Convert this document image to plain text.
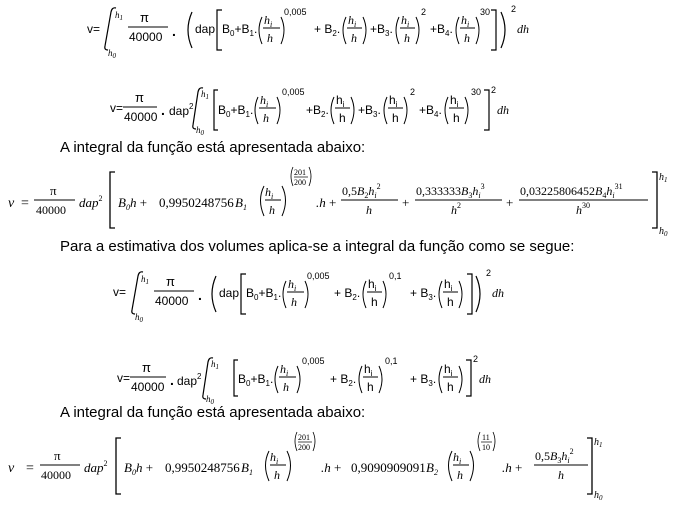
v=
$h_1$
$h_0$
π
40000 . dap $B_0+B_1$.
$h_i$
h
0,005
+ $B_2$.
$h_i$
h
$+B_3$.
$h_i$
h
2
$+B_4$.
$h_i$
h
30 2
dh
v=
π
40000 . dap$^2$
$h_1$
$h_0$
$B_0+B_1$.
$h_i$
h
0,005
$+B_2$.
$h_i$
h
$+B_3$.
$h_i$
h
2
$+B_4$.
$h_i$
h
30 2
dh
A integral da função está apresentada abaixo:
ν =
π
40000 dap$^2$ $B_0h + 0,9950248756$ $B_1$
$h_i$
h
201
200
.h +
$0,5B_2h_i^2$
h +
$0,333333B_3h_i^3$
$h^2$	+
$0,03225806452B_4h_i^{31}$
$h^{30}$
$h_1$
$h_0$
Para a estimativa dos volumes aplica-se a integral da função como se segue:
v=
$h_1$
$h_0$
π
40000 . dap $B_0+B_1$.
$h_i$
h
0,005
+ $B_2$.
$h_i$
h
0,1
+ $B_3$.
$h_i$
h
2
dh
v=
π
40000 . dap$^2$
$h_1$
$h_0$
$B_0+B_1$.
$h_i$
h
0,005
+ $B_2$.
$h_i$
h
0,1
+ $B_3$.
$h_i$
h
2
dh
A integral da função está apresentada abaixo:
ν =
π
40000 dap$^2$ $B_0h + 0,9950248756$ $B_1$
$h_i$
h
201
200
.h + 0,9090909091 $B_2$
$h_i$
h
11
10
.h +
$0,5B_3h_i^2$
h
$h_1$
$h_0$
